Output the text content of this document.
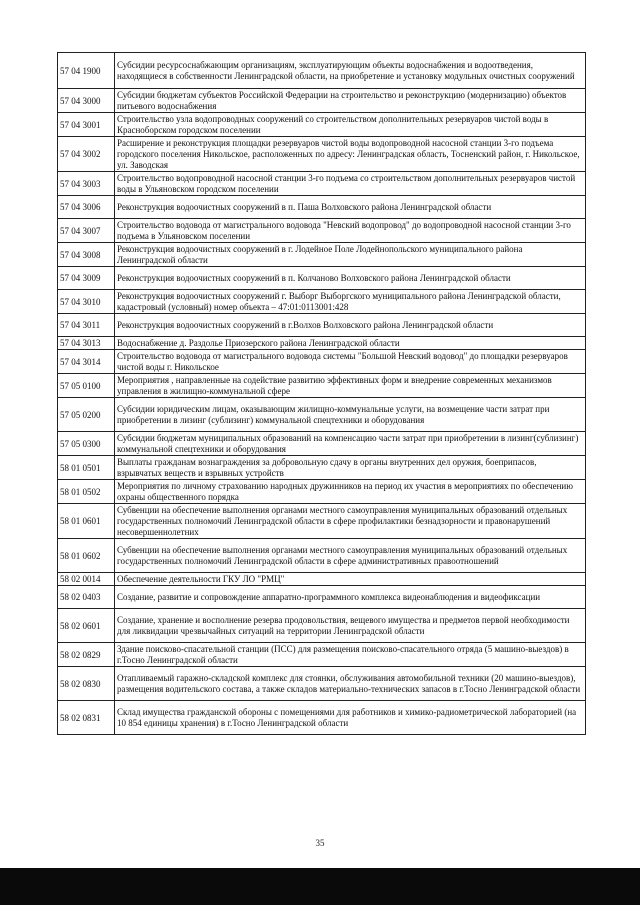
57 04 1900	Субсидии ресурсоснабжающим организациям, эксплуатирующим объекты водоснабжения и водоотведения, находящиеся в собственности Ленинградской области, на приобретение и установку модульных очистных сооружений
57 04 3000	Субсидии бюджетам субъектов Российской Федерации на строительство и реконструкцию (модернизацию) объектов питьевого водоснабжения
57 04 3001	Строительство узла водопроводных сооружений со строительством дополнительных резервуаров чистой воды в Красноборском городском поселении
57 04 3002	Расширение и реконструкция площадки резервуаров чистой воды водопроводной насосной станции 3-го подъема городского поселения Никольское, расположенных по адресу: Ленинградская область, Тосненский район, г. Никольское, ул. Заводская
57 04 3003	Строительство водопроводной насосной станции 3-го подъема со строительством дополнительных резервуаров чистой воды в Ульяновском городском поселении
57 04 3006	Реконструкция водоочистных сооружений в п. Паша Волховского района Ленинградской области
57 04 3007	Строительство водовода от магистрального водовода "Невский водопровод" до водопроводной насосной станции 3-го подъема в Ульяновском поселении
57 04 3008	Реконструкция водоочистных сооружений в г. Лодейное Поле Лодейнопольского муниципального района Ленинградской области
57 04 3009	Реконструкция водоочистных сооружений в п. Колчаново Волховского района Ленинградской области
57 04 3010	Реконструкция водоочистных сооружений г. Выборг Выборгского муниципального района Ленинградской области, кадастровый (условный) номер объекта – 47:01:0113001:428
57 04 3011	Реконструкция водоочистных сооружений в г.Волхов Волховского района Ленинградской области
57 04 3013	Водоснабжение д. Раздолье Приозерского района Ленинградской области
57 04 3014	Строительство водовода от магистрального водовода системы "Большой Невский водовод" до площадки резервуаров чистой воды г. Никольское
57 05 0100	Мероприятия , направленные на содействие развитию эффективных форм и внедрение современных механизмов управления в жилищно-коммунальной сфере
57 05 0200	Субсидии юридическим лицам, оказывающим жилищно-коммунальные услуги, на возмещение части затрат при приобретении в лизинг (сублизинг) коммунальной спецтехники и оборудования
57 05 0300	Субсидии бюджетам муниципальных образований на компенсацию части затрат при приобретении в лизинг(сублизинг) коммунальной спецтехники и оборудования
58 01 0501	Выплаты гражданам вознаграждения за добровольную сдачу в органы внутренних дел оружия, боеприпасов, взрывчатых веществ и взрывных устройств
58 01 0502	Мероприятия по личному страхованию народных дружинников на период их участия в мероприятиях по обеспечению охраны общественного порядка
58 01 0601	Субвенции на обеспечение выполнения органами местного самоуправления муниципальных образований отдельных государственных полномочий Ленинградской области в сфере профилактики безнадзорности и правонарушений несовершеннолетних
58 01 0602	Субвенции на обеспечение выполнения органами местного самоуправления муниципальных образований отдельных государственных полномочий Ленинградской области в сфере административных правоотношений
58 02 0014	Обеспечение деятельности ГКУ ЛО "РМЦ"
58 02 0403	Создание, развитие и сопровождение аппаратно-программного комплекса видеонаблюдения и видеофиксации
58 02 0601	Создание, хранение и восполнение резерва продовольствия, вещевого имущества и предметов первой необходимости для ликвидации чрезвычайных ситуаций на территории Ленинградской области
58 02 0829	Здание поисково-спасательной станции (ПСС) для размещения поисково-спасательного отряда (5 машино-выездов) в г.Тосно Ленинградской области
58 02 0830	Отапливаемый гаражно-складской комплекс для стоянки, обслуживания автомобильной техники (20 машино-выездов), размещения водительского состава, а также складов материально-технических запасов в г.Тосно Ленинградской области
58 02 0831	Склад имущества гражданской обороны с помещениями для работников и химико-радиометрической лабораторией (на 10 854 единицы хранения) в г.Тосно Ленинградской области
35
